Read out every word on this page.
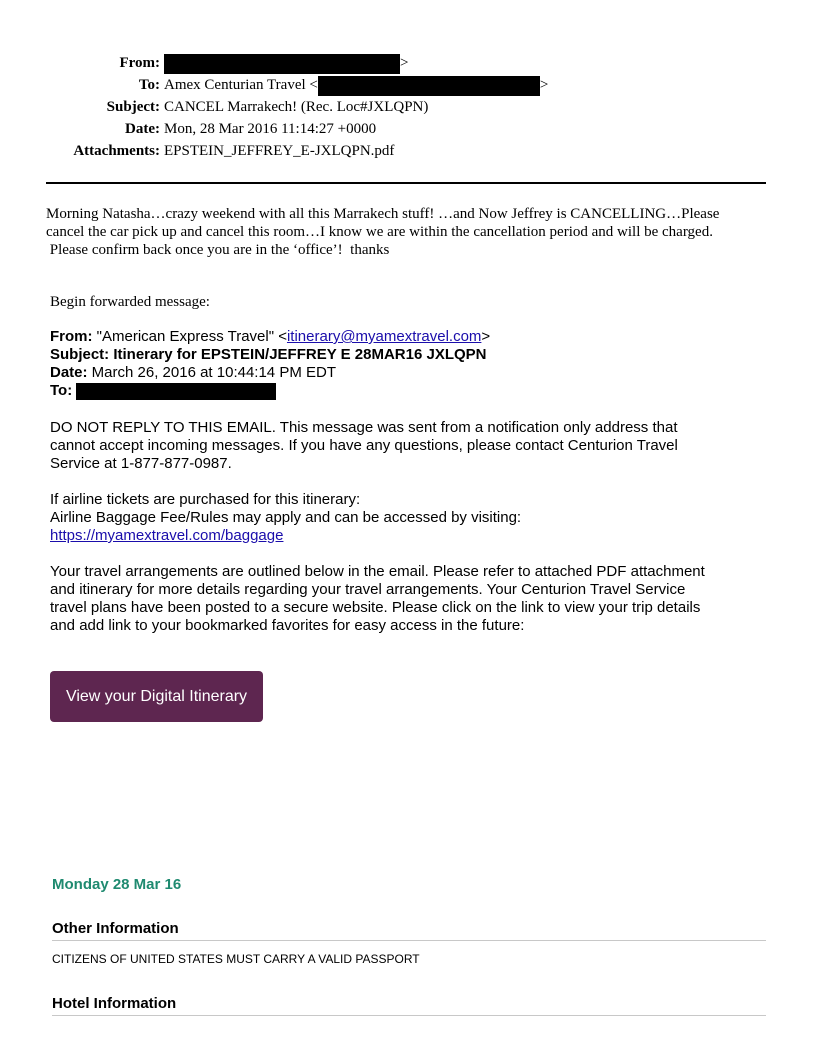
From:	>
To: Amex Centurian Travel <	>
Subject: CANCEL Marrakech! (Rec. Loc#JXLQPN)
Date: Mon, 28 Mar 2016 11:14:27 +0000
Attachments: EPSTEIN_JEFFREY_E-JXLQPN.pdf

Morning Natasha…crazy weekend with all this Marrakech stuff! …and Now Jeffrey is CANCELLING…Please

cancel the car pick up and cancel this room…I know we are within the cancellation period and will be charged.

Please confirm back once you are in the ‘office’!  thanks

Begin forwarded message:
From: "American Express Travel" <itinerary@myamextravel.com>
Subject: Itinerary for EPSTEIN/JEFFREY E 28MAR16 JXLQPN
Date: March 26, 2016 at 10:44:14 PM EDT
To:

DO NOT REPLY TO THIS EMAIL. This message was sent from a notification only address that

cannot accept incoming messages. If you have any questions, please contact Centurion Travel

Service at 1-877-877-0987.

If airline tickets are purchased for this itinerary:

Airline Baggage Fee/Rules may apply and can be accessed by visiting:

https://myamextravel.com/baggage

Your travel arrangements are outlined below in the email. Please refer to attached PDF attachment

and itinerary for more details regarding your travel arrangements. Your Centurion Travel Service

travel plans have been posted to a secure website. Please click on the link to view your trip details

and add link to your bookmarked favorites for easy access in the future:

View your Digital Itinerary
Monday 28 Mar 16
Other Information
CITIZENS OF UNITED STATES MUST CARRY A VALID PASSPORT
Hotel Information
